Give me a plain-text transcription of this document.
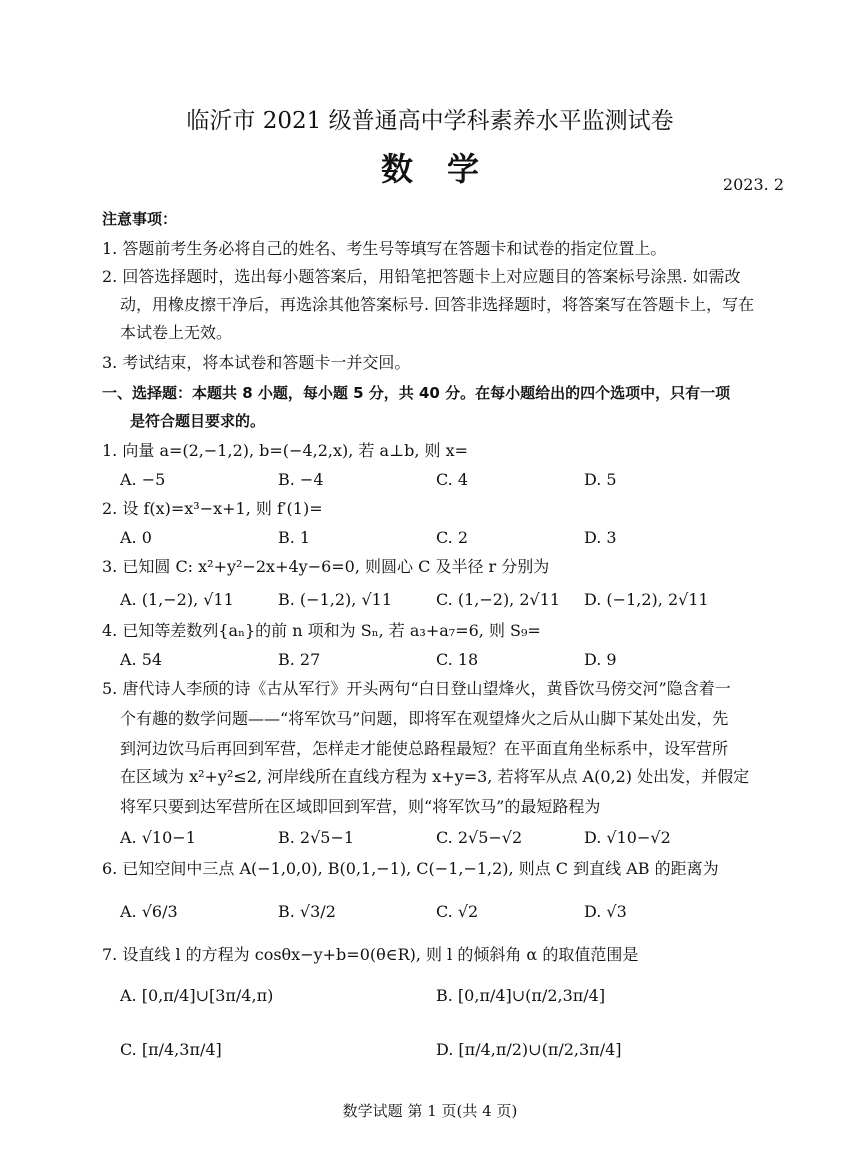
临沂市 2021 级普通高中学科素养水平监测试卷
数学	2023. 2
注意事项：
1. 答题前考生务必将自己的姓名、考生号等填写在答题卡和试卷的指定位置上。
2. 回答选择题时，选出每小题答案后，用铅笔把答题卡上对应题目的答案标号涂黑. 如需改
动，用橡皮擦干净后，再选涂其他答案标号. 回答非选择题时，将答案写在答题卡上，写在
本试卷上无效。
3. 考试结束，将本试卷和答题卡一并交回。
一、选择题：本题共 8 小题，每小题 5 分，共 40 分。在每小题给出的四个选项中，只有一项
是符合题目要求的。
1. 向量 a=(2,−1,2), b=(−4,2,x), 若 a⊥b, 则 x=
A. −5	B. −4	C. 4	D. 5
2. 设 f(x)=x³−x+1, 则 f′(1)=
A. 0	B. 1	C. 2	D. 3
3. 已知圆 C: x²+y²−2x+4y−6=0, 则圆心 C 及半径 r 分别为
A. (1,−2), √11	B. (−1,2), √11	C. (1,−2), 2√11 D. (−1,2), 2√11
4. 已知等差数列{aₙ}的前 n 项和为 Sₙ, 若 a₃+a₇=6, 则 S₉=
A. 54	B. 27	C. 18	D. 9
5. 唐代诗人李颀的诗《古从军行》开头两句“白日登山望烽火，黄昏饮马傍交河”隐含着一
个有趣的数学问题——“将军饮马”问题，即将军在观望烽火之后从山脚下某处出发，先
到河边饮马后再回到军营，怎样走才能使总路程最短？在平面直角坐标系中，设军营所
在区域为 x²+y²≤2, 河岸线所在直线方程为 x+y=3, 若将军从点 A(0,2) 处出发，并假定
将军只要到达军营所在区域即回到军营，则“将军饮马”的最短路程为
A. √10−1	B. 2√5−1	C. 2√5−√2	D. √10−√2
6. 已知空间中三点 A(−1,0,0), B(0,1,−1), C(−1,−1,2), 则点 C 到直线 AB 的距离为
A. √6/3	B. √3/2	C. √2	D. √3
7. 设直线 l 的方程为 cosθx−y+b=0(θ∈R), 则 l 的倾斜角 α 的取值范围是
A. [0,π/4]∪[3π/4,π)	B. [0,π/4]∪(π/2,3π/4]
C. [π/4,3π/4]	D. [π/4,π/2)∪(π/2,3π/4]
数学试题 第 1 页(共 4 页)
